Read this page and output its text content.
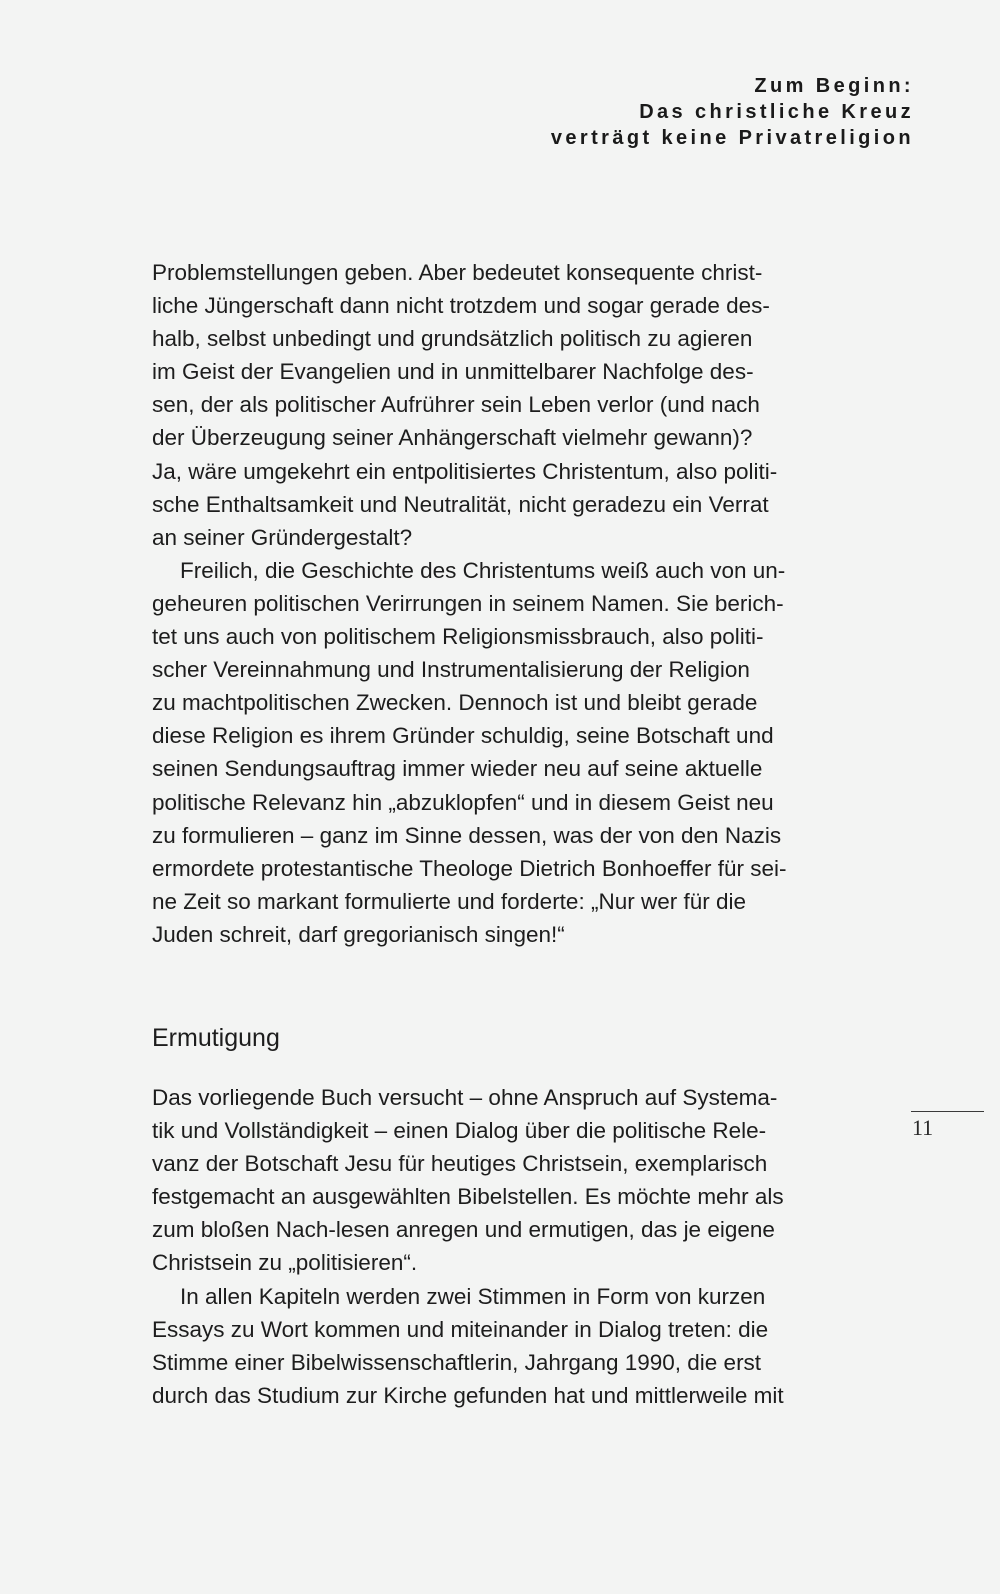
Zum Beginn:
Das christliche Kreuz
verträgt keine Privatreligion
Problemstellungen geben. Aber bedeutet konsequente christ-
liche Jüngerschaft dann nicht trotzdem und sogar gerade des-
halb, selbst unbedingt und grundsätzlich politisch zu agieren
im Geist der Evangelien und in unmittelbarer Nachfolge des-
sen, der als politischer Aufrührer sein Leben verlor (und nach
der Überzeugung seiner Anhängerschaft vielmehr gewann)?
Ja, wäre umgekehrt ein entpolitisiertes Christentum, also politi-
sche Enthaltsamkeit und Neutralität, nicht geradezu ein Verrat
an seiner Gründergestalt?
Freilich, die Geschichte des Christentums weiß auch von un-
geheuren politischen Verirrungen in seinem Namen. Sie berich-
tet uns auch von politischem Religionsmissbrauch, also politi-
scher Vereinnahmung und Instrumentalisierung der Religion
zu machtpolitischen Zwecken. Dennoch ist und bleibt gerade
diese Religion es ihrem Gründer schuldig, seine Botschaft und
seinen Sendungsauftrag immer wieder neu auf seine aktuelle
politische Relevanz hin „abzuklopfen“ und in diesem Geist neu
zu formulieren – ganz im Sinne dessen, was der von den Nazis
ermordete protestantische Theologe Dietrich Bonhoeffer für sei-
ne Zeit so markant formulierte und forderte: „Nur wer für die
Juden schreit, darf gregorianisch singen!“
Ermutigung
Das vorliegende Buch versucht – ohne Anspruch auf Systema-
tik und Vollständigkeit – einen Dialog über die politische Rele-
vanz der Botschaft Jesu für heutiges Christsein, exemplarisch
festgemacht an ausgewählten Bibelstellen. Es möchte mehr als
zum bloßen Nach-lesen anregen und ermutigen, das je eigene
Christsein zu „politisieren“.
In allen Kapiteln werden zwei Stimmen in Form von kurzen
Essays zu Wort kommen und miteinander in Dialog treten: die
Stimme einer Bibelwissenschaftlerin, Jahrgang 1990, die erst
durch das Studium zur Kirche gefunden hat und mittlerweile mit
11
